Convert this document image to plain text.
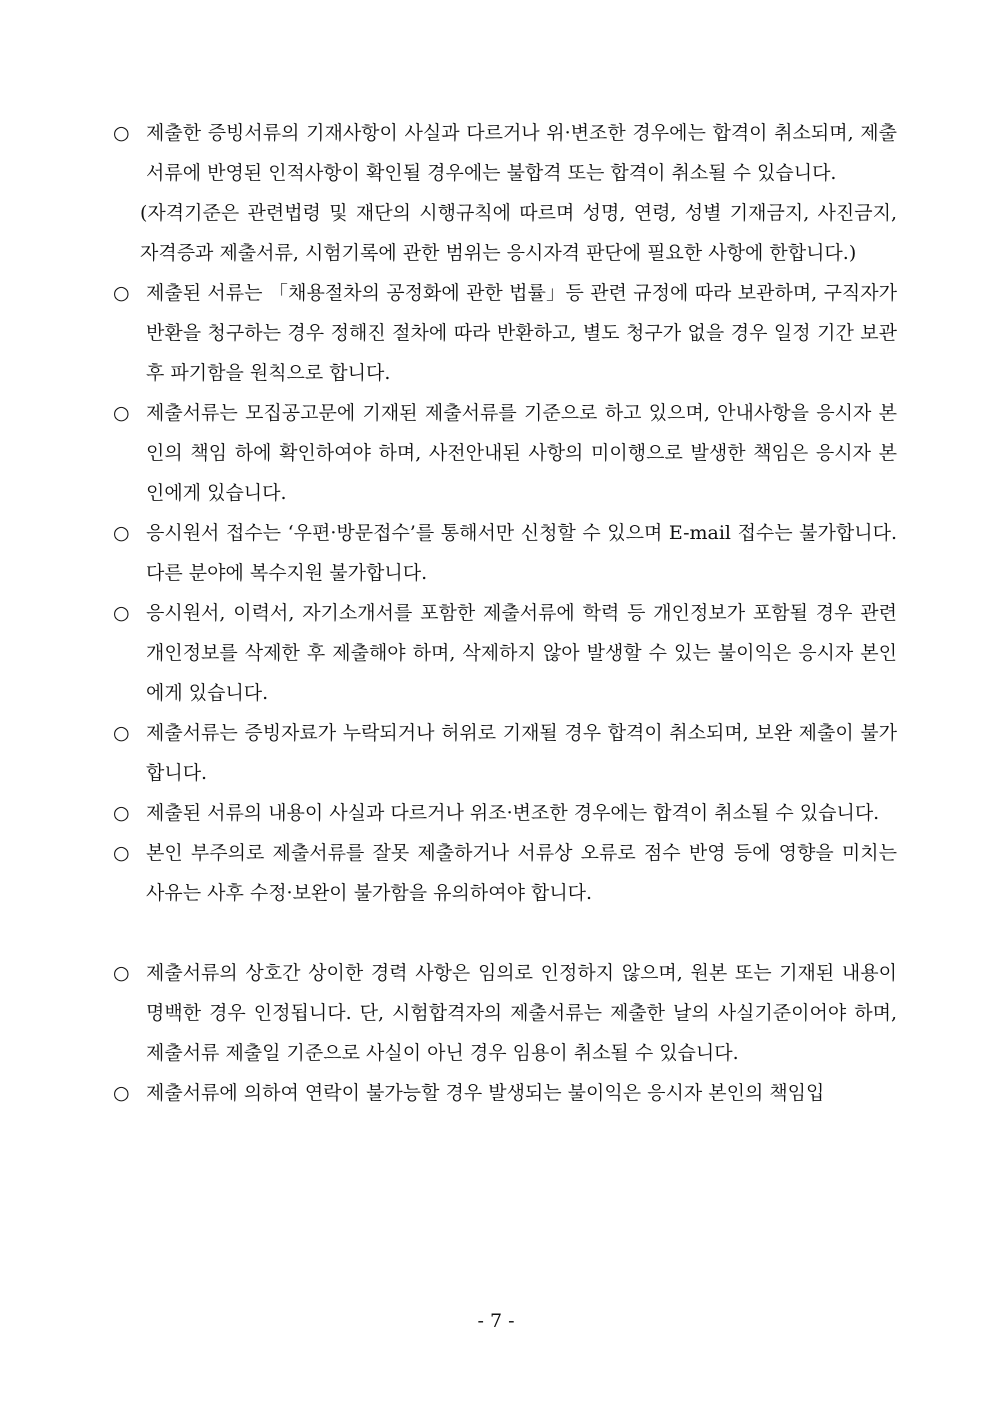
○ 제출한 증빙서류의 기재사항이 사실과 다르거나 위·변조한 경우에는 합격이 취소되며, 제출서류에 반영된 인적사항이 확인될 경우에는 불합격 또는 합격이 취소될 수 있습니다.
(자격기준은 관련법령 및 재단의 시행규칙에 따르며 성명, 연령, 성별 기재금지, 사진금지, 자격증과 제출서류, 시험기록에 관한 범위는 응시자격 판단에 필요한 사항에 한합니다.)
○ 제출된 서류는 「채용절차의 공정화에 관한 법률」등 관련 규정에 따라 보관하며, 구직자가 반환을 청구하는 경우 정해진 절차에 따라 반환하고, 별도 청구가 없을 경우 일정 기간 보관 후 파기함을 원칙으로 합니다.
○ 제출서류는 모집공고문에 기재된 제출서류를 기준으로 하고 있으며, 안내사항을 응시자 본인의 책임 하에 확인하여야 하며, 사전안내된 사항의 미이행으로 발생한 책임은 응시자 본인에게 있습니다.
○ 응시원서 접수는 ‘우편·방문접수’를 통해서만 신청할 수 있으며 E-mail 접수는 불가합니다. 다른 분야에 복수지원 불가합니다.
○ 응시원서, 이력서, 자기소개서를 포함한 제출서류에 학력 등 개인정보가 포함될 경우 관련 개인정보를 삭제한 후 제출해야 하며, 삭제하지 않아 발생할 수 있는 불이익은 응시자 본인에게 있습니다.
○ 제출서류는 증빙자료가 누락되거나 허위로 기재될 경우 합격이 취소되며, 보완 제출이 불가합니다.
○ 제출된 서류의 내용이 사실과 다르거나 위조·변조한 경우에는 합격이 취소될 수 있습니다.
○ 본인 부주의로 제출서류를 잘못 제출하거나 서류상 오류로 점수 반영 등에 영향을 미치는 사유는 사후 수정·보완이 불가함을 유의하여야 합니다.
○ 제출서류의 상호간 상이한 경력 사항은 임의로 인정하지 않으며, 원본 또는 기재된 내용이 명백한 경우 인정됩니다. 단, 시험합격자의 제출서류는 제출한 날의 사실기준이어야 하며, 제출서류 제출일 기준으로 사실이 아닌 경우 임용이 취소될 수 있습니다.
○ 제출서류에 의하여 연락이 불가능할 경우 발생되는 불이익은 응시자 본인의 책임입
- 7 -
